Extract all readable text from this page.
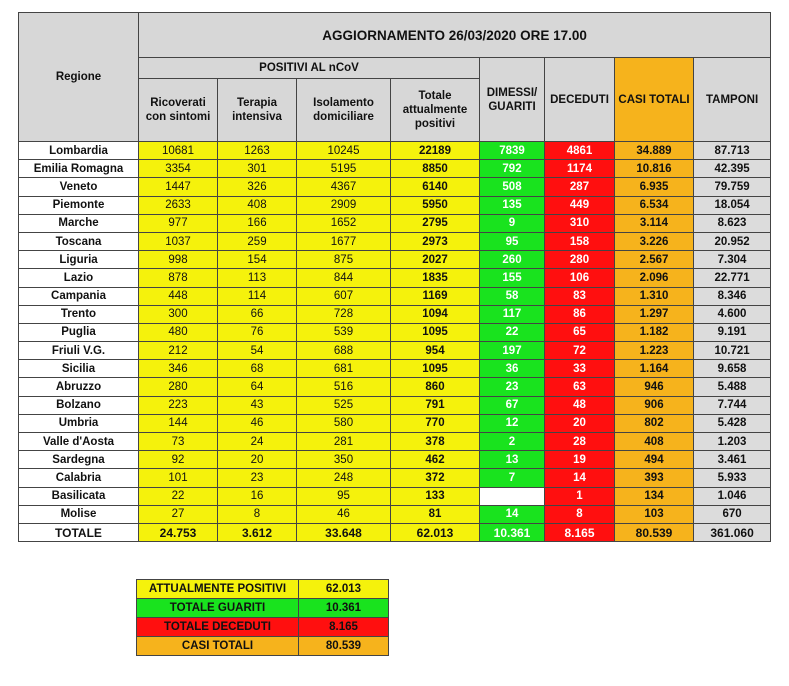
Regione	AGGIORNAMENTO 26/03/2020 ORE 17.00							
	POSITIVI AL nCoV				DIMESSI/ GUARITI	DECEDUTI	CASI TOTALI	TAMPONI
	Ricoverati con sintomi	Terapia intensiva	Isolamento domiciliare	Totale attualmente positivi				
Lombardia	10681	1263	10245	22189	7839	4861	34.889	87.713
Emilia Romagna	3354	301	5195	8850	792	1174	10.816	42.395
Veneto	1447	326	4367	6140	508	287	6.935	79.759
Piemonte	2633	408	2909	5950	135	449	6.534	18.054
Marche	977	166	1652	2795	9	310	3.114	8.623
Toscana	1037	259	1677	2973	95	158	3.226	20.952
Liguria	998	154	875	2027	260	280	2.567	7.304
Lazio	878	113	844	1835	155	106	2.096	22.771
Campania	448	114	607	1169	58	83	1.310	8.346
Trento	300	66	728	1094	117	86	1.297	4.600
Puglia	480	76	539	1095	22	65	1.182	9.191
Friuli V.G.	212	54	688	954	197	72	1.223	10.721
Sicilia	346	68	681	1095	36	33	1.164	9.658
Abruzzo	280	64	516	860	23	63	946	5.488
Bolzano	223	43	525	791	67	48	906	7.744
Umbria	144	46	580	770	12	20	802	5.428
Valle d'Aosta	73	24	281	378	2	28	408	1.203
Sardegna	92	20	350	462	13	19	494	3.461
Calabria	101	23	248	372	7	14	393	5.933
Basilicata	22	16	95	133		1	134	1.046
Molise	27	8	46	81	14	8	103	670
TOTALE	24.753	3.612	33.648	62.013	10.361	8.165	80.539	361.060
ATTUALMENTE POSITIVI	62.013
TOTALE GUARITI	10.361
TOTALE DECEDUTI	8.165
CASI TOTALI	80.539
